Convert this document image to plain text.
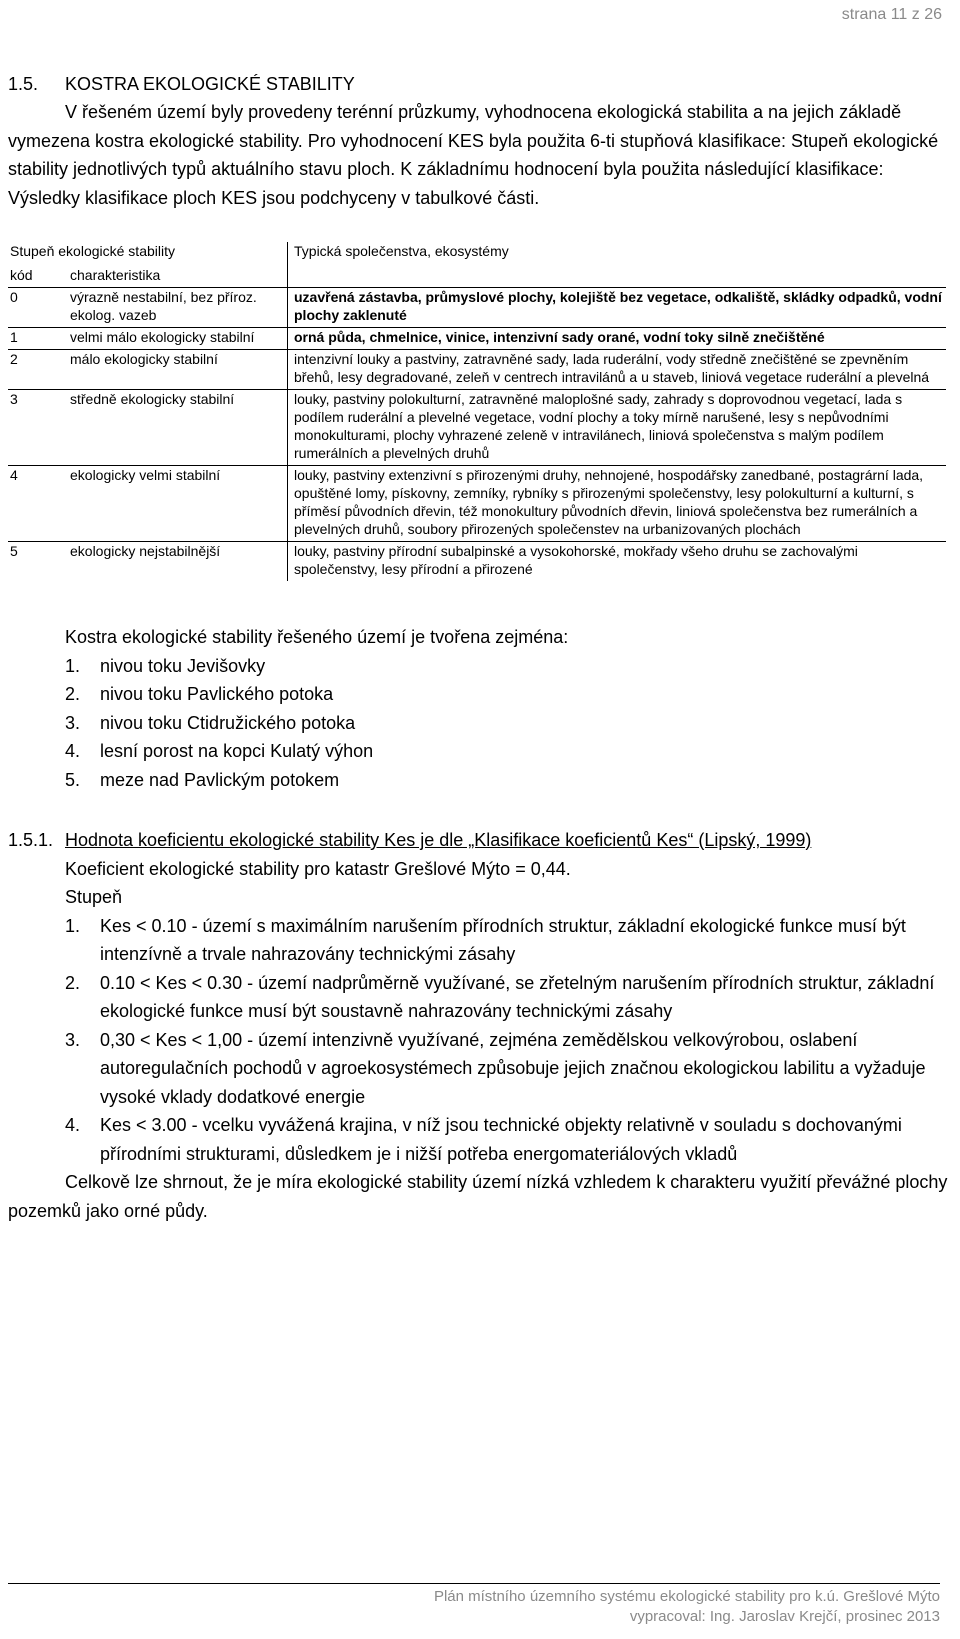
strana 11 z 26

1.5. KOSTRA EKOLOGICKÉ STABILITY

V řešeném území byly provedeny terénní průzkumy, vyhodnocena ekologická stabilita a na jejich základě vymezena kostra ekologické stability. Pro vyhodnocení KES byla použita 6-ti stupňová klasifikace: Stupeň ekologické stability jednotlivých typů aktuálního stavu ploch. K základnímu hodnocení byla použita následující klasifikace: Výsledky klasifikace ploch KES jsou podchyceny v tabulkové části.

Stupeň ekologické stability		Typická společenstva, ekosystémy
kód	charakteristika	
0	výrazně nestabilní, bez příroz. ekolog. vazeb	uzavřená zástavba, průmyslové plochy, kolejiště bez vegetace, odkaliště, skládky odpadků, vodní plochy zaklenuté
1	velmi málo ekologicky stabilní	orná půda, chmelnice, vinice, intenzivní sady orané, vodní toky silně znečištěné
2	málo ekologicky stabilní	intenzivní louky a pastviny, zatravněné sady, lada ruderální, vody středně znečištěné se zpevněním břehů, lesy degradované, zeleň v centrech intravilánů a u staveb, liniová vegetace ruderální a plevelná
3	středně ekologicky stabilní	louky, pastviny polokulturní, zatravněné maloplošné sady, zahrady s doprovodnou vegetací, lada s podílem ruderální a plevelné vegetace, vodní plochy a toky mírně narušené, lesy s nepůvodními monokulturami, plochy vyhrazené zeleně v intravilánech, liniová společenstva s malým podílem rumerálních a plevelných druhů
4	ekologicky velmi stabilní	louky, pastviny extenzivní s přirozenými druhy, nehnojené, hospodářsky zanedbané, postagrární lada, opuštěné lomy, pískovny, zemníky, rybníky s přirozenými společenstvy, lesy polokulturní a kulturní, s příměsí původních dřevin, též monokultury původních dřevin, liniová společenstva bez rumerálních a plevelných druhů, soubory přirozených společenstev na urbanizovaných plochách
5	ekologicky nejstabilnější	louky, pastviny přírodní subalpinské a vysokohorské, mokřady všeho druhu se zachovalými společenstvy, lesy přírodní a přirozené

Kostra ekologické stability řešeného území je tvořena zejména:

1.	nivou toku Jevišovky
2.	nivou toku Pavlického potoka
3.	nivou toku Ctidružického potoka
4.	lesní porost na kopci Kulatý výhon
5.	meze nad Pavlickým potokem

1.5.1. Hodnota koeficientu ekologické stability Kes je dle „Klasifikace koeficientů Kes“ (Lipský, 1999)

Koeficient ekologické stability pro katastr Grešlové Mýto = 0,44.

Stupeň

1.	Kes < 0.10 - území s maximálním narušením přírodních struktur, základní ekologické funkce musí být intenzívně a trvale nahrazovány technickými zásahy
2.	0.10 < Kes < 0.30 - území nadprůměrně využívané, se zřetelným narušením přírodních struktur, základní ekologické funkce musí být soustavně nahrazovány technickými zásahy
3.	0,30 < Kes < 1,00 - území intenzivně využívané, zejména zemědělskou velkovýrobou, oslabení autoregulačních pochodů v agroekosystémech způsobuje jejich značnou ekologickou labilitu a vyžaduje vysoké vklady dodatkové energie
4.	Kes < 3.00 - vcelku vyvážená krajina, v níž jsou technické objekty relativně v souladu s dochovanými přírodními strukturami, důsledkem je i nižší potřeba energomateriálových vkladů

Celkově lze shrnout, že je míra ekologické stability území nízká vzhledem k charakteru využití převážné plochy pozemků jako orné půdy.

Plán místního územního systému ekologické stability pro k.ú. Grešlové Mýto
vypracoval: Ing. Jaroslav Krejčí, prosinec 2013
